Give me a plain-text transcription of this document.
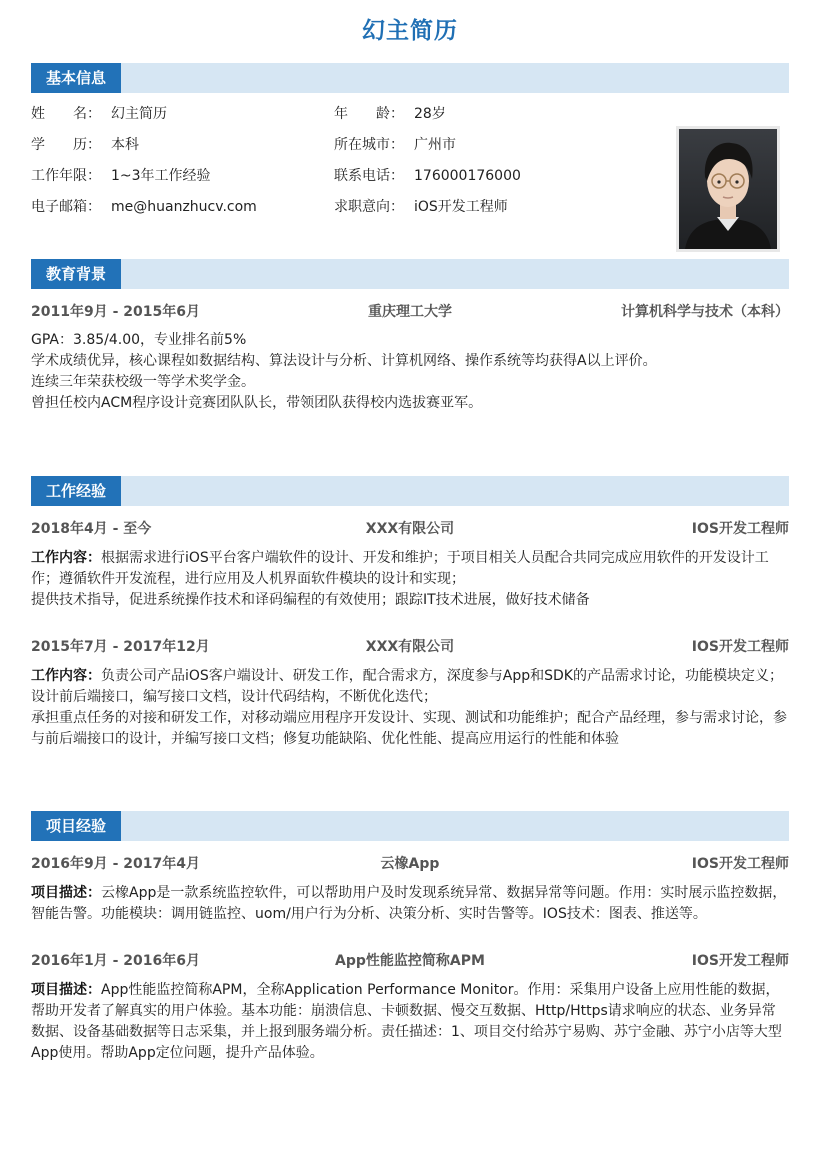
幻主简历
基本信息
姓　　名： 幻主简历
学　　历： 本科
工作年限： 1~3年工作经验
电子邮箱： me@huanzhucv.com
年　　龄： 28岁
所在城市： 广州市
联系电话： 176000176000
求职意向： iOS开发工程师
教育背景
2011年9月 - 2015年6月	重庆理工大学	计算机科学与技术（本科）

GPA：3.85/4.00，专业排名前5%

学术成绩优异，核心课程如数据结构、算法设计与分析、计算机网络、操作系统等均获得A以上评价。

连续三年荣获校级一等学术奖学金。

曾担任校内ACM程序设计竞赛团队队长，带领团队获得校内选拔赛亚军。

工作经验
2018年4月 - 至今	XXX有限公司	IOS开发工程师

工作内容：根据需求进行iOS平台客户端软件的设计、开发和维护；于项目相关人员配合共同完成应用软件的开发设计工

作；遵循软件开发流程，进行应用及人机界面软件模块的设计和实现；

提供技术指导，促进系统操作技术和译码编程的有效使用；跟踪IT技术进展，做好技术储备

2015年7月 - 2017年12月	XXX有限公司	IOS开发工程师

工作内容：负责公司产品iOS客户端设计、研发工作，配合需求方，深度参与App和SDK的产品需求讨论，功能模块定义；

设计前后端接口，编写接口文档，设计代码结构，不断优化迭代；

承担重点任务的对接和研发工作，对移动端应用程序开发设计、实现、测试和功能维护；配合产品经理，参与需求讨论，参

与前后端接口的设计，并编写接口文档；修复功能缺陷、优化性能、提高应用运行的性能和体验

项目经验
2016年9月 - 2017年4月	云橡App	IOS开发工程师

项目描述：云橡App是一款系统监控软件，可以帮助用户及时发现系统异常、数据异常等问题。作用：实时展示监控数据，

智能告警。功能模块：调用链监控、uom/用户行为分析、决策分析、实时告警等。IOS技术：图表、推送等。

2016年1月 - 2016年6月	App性能监控简称APM	IOS开发工程师

项目描述：App性能监控简称APM，全称Application Performance Monitor。作用：采集用户设备上应用性能的数据，

帮助开发者了解真实的用户体验。基本功能：崩溃信息、卡顿数据、慢交互数据、Http/Https请求响应的状态、业务异常

数据、设备基础数据等日志采集，并上报到服务端分析。责任描述：1、项目交付给苏宁易购、苏宁金融、苏宁小店等大型

App使用。帮助App定位问题，提升产品体验。
